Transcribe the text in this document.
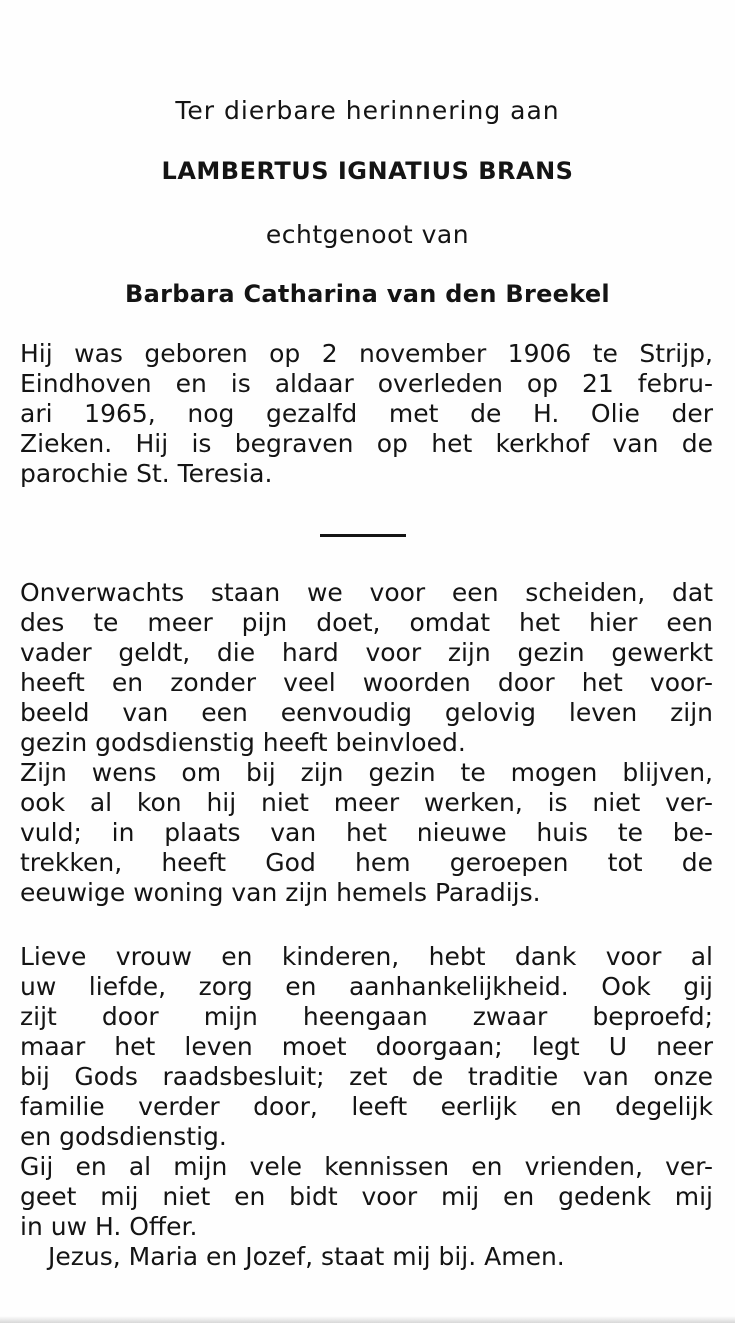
Ter dierbare herinnering aan
LAMBERTUS IGNATIUS BRANS
echtgenoot van
Barbara Catharina van den Breekel
Hij was geboren op 2 november 1906 te Strijp,
Eindhoven en is aldaar overleden op 21 febru-
ari 1965, nog gezalfd met de H. Olie der
Zieken. Hij is begraven op het kerkhof van de
parochie St. Teresia.
Onverwachts staan we voor een scheiden, dat
des te meer pijn doet, omdat het hier een
vader geldt, die hard voor zijn gezin gewerkt
heeft en zonder veel woorden door het voor-
beeld van een eenvoudig gelovig leven zijn
gezin godsdienstig heeft beinvloed.
Zijn wens om bij zijn gezin te mogen blijven,
ook al kon hij niet meer werken, is niet ver-
vuld; in plaats van het nieuwe huis te be-
trekken, heeft God hem geroepen tot de
eeuwige woning van zijn hemels Paradijs.
Lieve vrouw en kinderen, hebt dank voor al
uw liefde, zorg en aanhankelijkheid. Ook gij
zijt door mijn heengaan zwaar beproefd;
maar het leven moet doorgaan; legt U neer
bij Gods raadsbesluit; zet de traditie van onze
familie verder door, leeft eerlijk en degelijk
en godsdienstig.
Gij en al mijn vele kennissen en vrienden, ver-
geet mij niet en bidt voor mij en gedenk mij
in uw H. Offer.
Jezus, Maria en Jozef, staat mij bij. Amen.
